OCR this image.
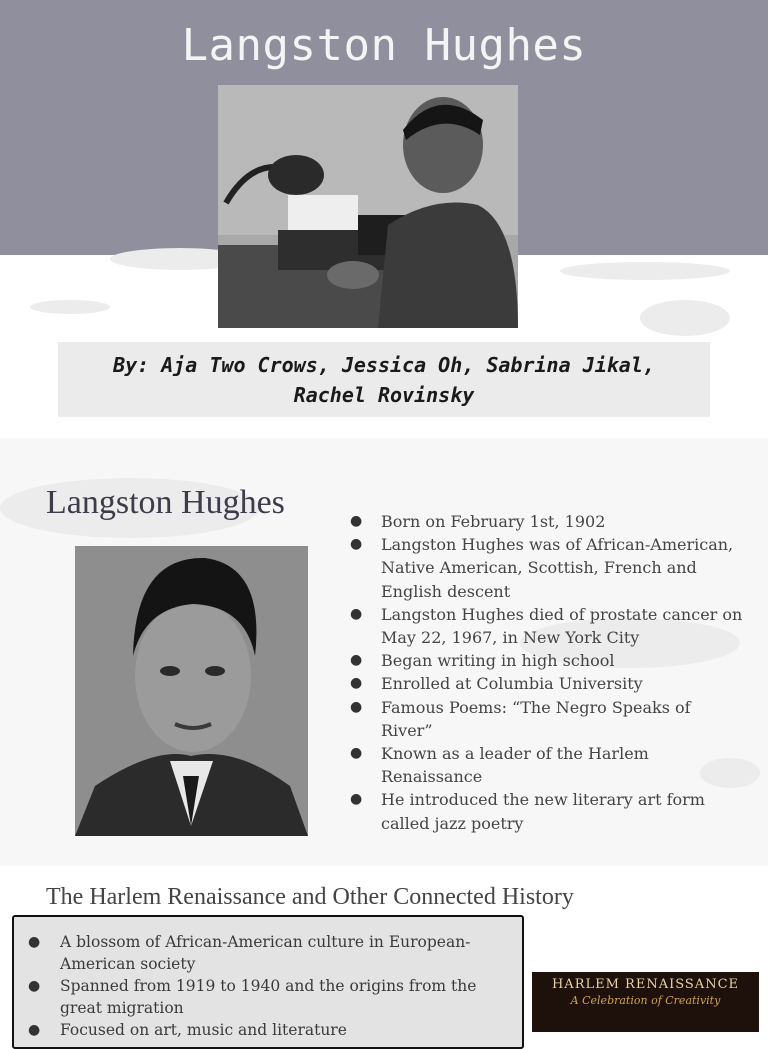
Langston Hughes
By: Aja Two Crows, Jessica Oh, Sabrina Jikal, Rachel Rovinsky
Langston Hughes	● Born on February 1st, 1902
● Langston Hughes was of African-American, Native American, Scottish, French and English descent
● Langston Hughes died of prostate cancer on May 22, 1967, in New York City
● Began writing in high school
● Enrolled at Columbia University
● Famous Poems: “The Negro Speaks of River”
● Known as a leader of the Harlem Renaissance
● He introduced the new literary art form called jazz poetry
The Harlem Renaissance and Other Connected History
● A blossom of African-American culture in European-American society
● Spanned from 1919 to 1940 and the origins from the great migration
● Focused on art, music and literature
HARLEM RENAISSANCE
A Celebration of Creativity
